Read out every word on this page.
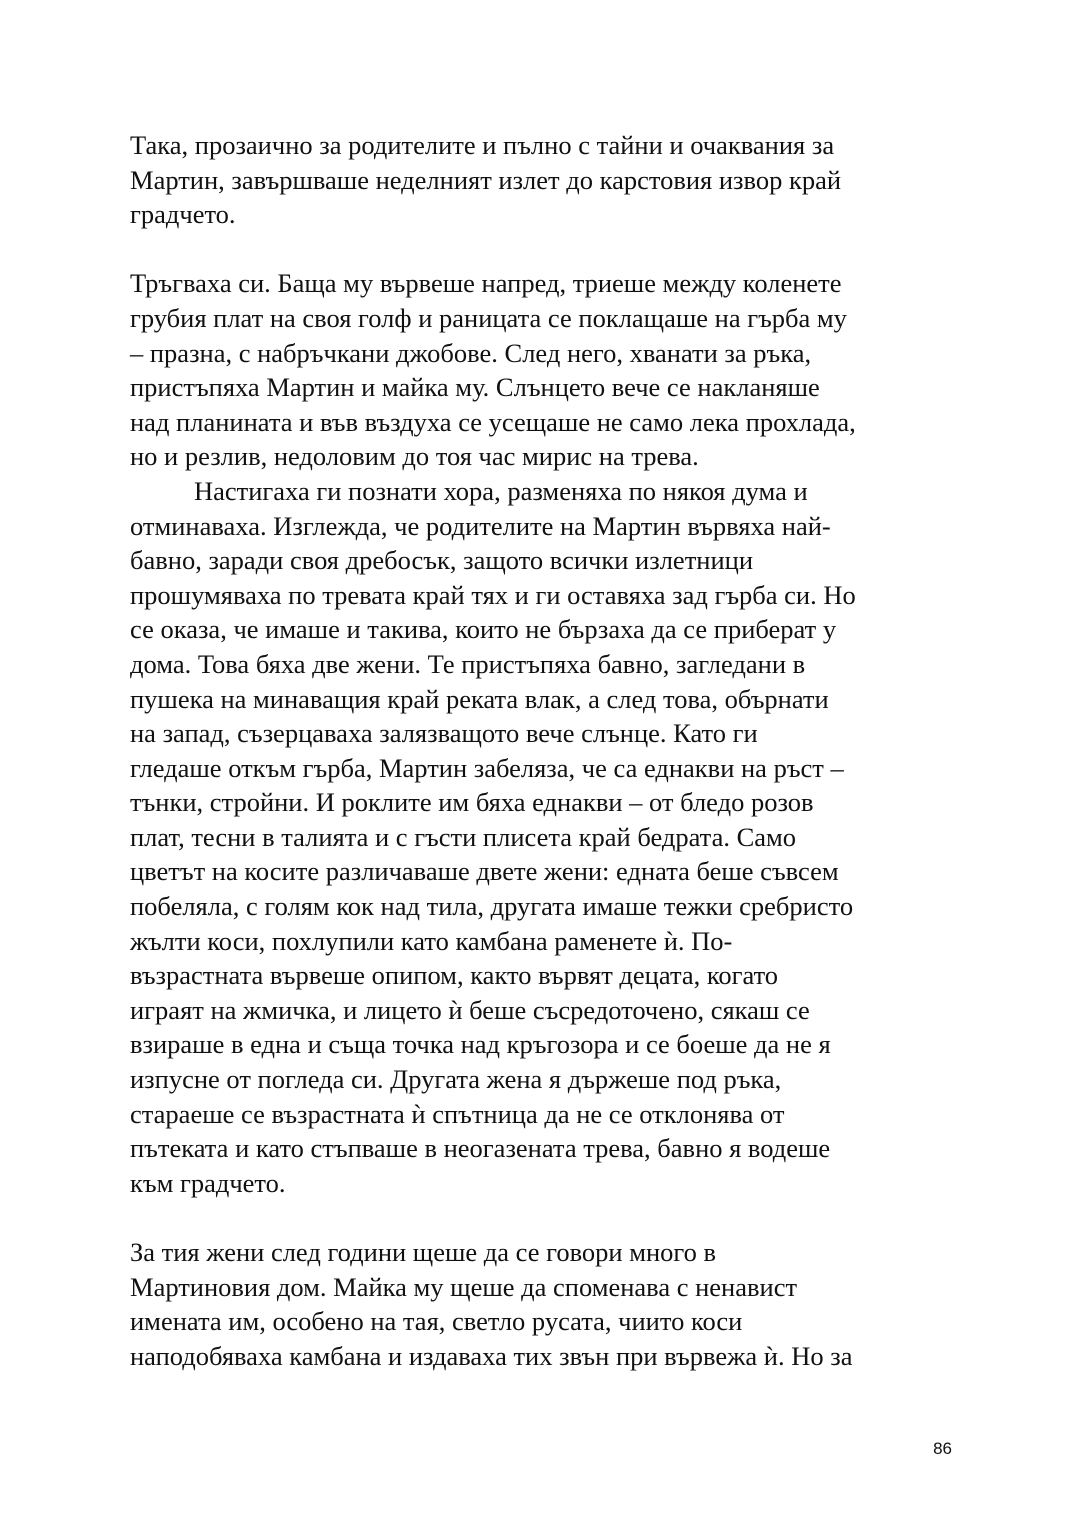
Така, прозаично за родителите и пълно с тайни и очаквания за
Мартин, завършваше неделният излет до карстовия извор край
градчето.
Тръгваха си. Баща му вървеше напред, триеше между коленете
грубия плат на своя голф и раницата се поклащаше на гърба му
– празна, с набръчкани джобове. След него, хванати за ръка,
пристъпяха Мартин и майка му. Слънцето вече се накланяше
над планината и във въздуха се усещаше не само лека прохлада,
но и резлив, недоловим до тоя час мирис на трева.
Настигаха ги познати хора, разменяха по някоя дума и
отминаваха. Изглежда, че родителите на Мартин вървяха най-
бавно, заради своя дребосък, защото всички излетници
прошумяваха по тревата край тях и ги оставяха зад гърба си. Но
се оказа, че имаше и такива, които не бързаха да се приберат у
дома. Това бяха две жени. Те пристъпяха бавно, загледани в
пушека на минаващия край реката влак, а след това, обърнати
на запад, съзерцаваха залязващото вече слънце. Като ги
гледаше откъм гърба, Мартин забеляза, че са еднакви на ръст –
тънки, стройни. И роклите им бяха еднакви – от бледо розов
плат, тесни в талията и с гъсти плисета край бедрата. Само
цветът на косите различаваше двете жени: едната беше съвсем
побеляла, с голям кок над тила, другата имаше тежки сребристо
жълти коси, похлупили като камбана раменете ѝ. По-
възрастната вървеше опипом, както вървят децата, когато
играят на жмичка, и лицето ѝ беше съсредоточено, сякаш се
взираше в една и съща точка над кръгозора и се боеше да не я
изпусне от погледа си. Другата жена я държеше под ръка,
стараеше се възрастната ѝ спътница да не се отклонява от
пътеката и като стъпваше в неогазената трева, бавно я водеше
към градчето.
За тия жени след години щеше да се говори много в
Мартиновия дом. Майка му щеше да споменава с ненавист
имената им, особено на тая, светло русата, чиито коси
наподобяваха камбана и издаваха тих звън при вървежа ѝ. Но за
86
